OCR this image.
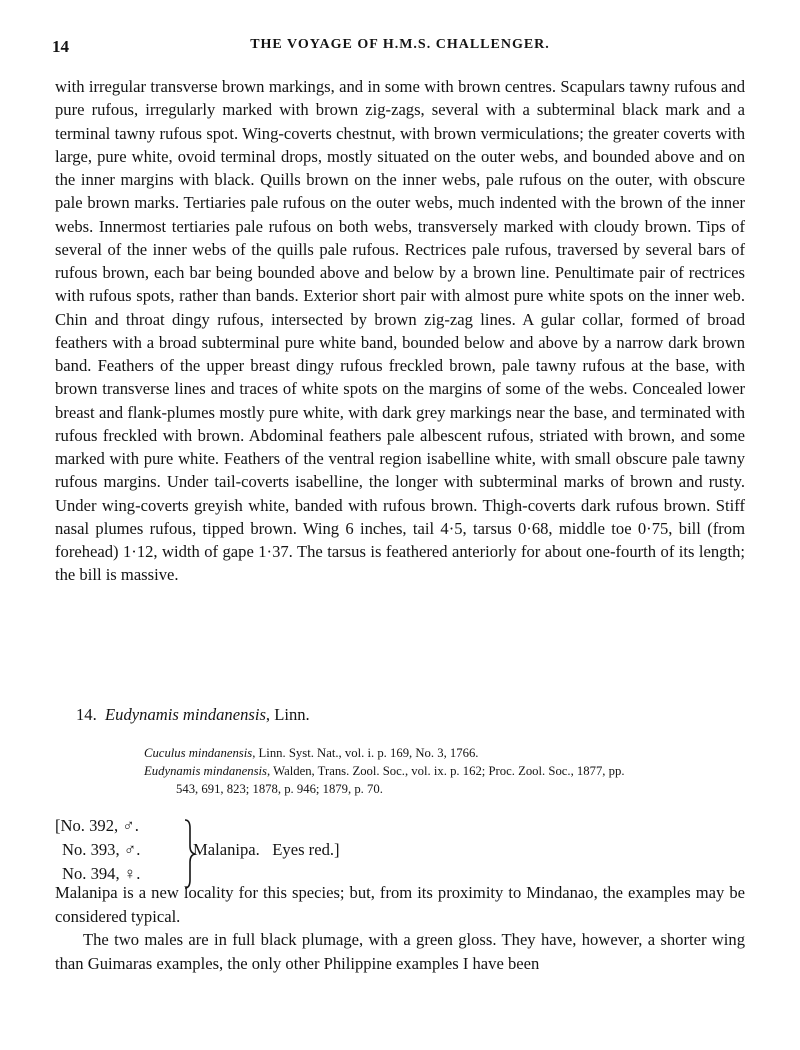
14	THE VOYAGE OF H.M.S. CHALLENGER.
with irregular transverse brown markings, and in some with brown centres. Scapulars tawny rufous and pure rufous, irregularly marked with brown zig-zags, several with a subterminal black mark and a terminal tawny rufous spot. Wing-coverts chestnut, with brown vermiculations; the greater coverts with large, pure white, ovoid terminal drops, mostly situated on the outer webs, and bounded above and on the inner margins with black. Quills brown on the inner webs, pale rufous on the outer, with obscure pale brown marks. Tertiaries pale rufous on the outer webs, much indented with the brown of the inner webs. Innermost tertiaries pale rufous on both webs, transversely marked with cloudy brown. Tips of several of the inner webs of the quills pale rufous. Rectrices pale rufous, traversed by several bars of rufous brown, each bar being bounded above and below by a brown line. Penultimate pair of rectrices with rufous spots, rather than bands. Exterior short pair with almost pure white spots on the inner web. Chin and throat dingy rufous, intersected by brown zig-zag lines. A gular collar, formed of broad feathers with a broad subterminal pure white band, bounded below and above by a narrow dark brown band. Feathers of the upper breast dingy rufous freckled brown, pale tawny rufous at the base, with brown transverse lines and traces of white spots on the margins of some of the webs. Concealed lower breast and flank-plumes mostly pure white, with dark grey markings near the base, and terminated with rufous freckled with brown. Abdominal feathers pale albescent rufous, striated with brown, and some marked with pure white. Feathers of the ventral region isabelline white, with small obscure pale tawny rufous margins. Under tail-coverts isabelline, the longer with subterminal marks of brown and rusty. Under wing-coverts greyish white, banded with rufous brown. Thigh-coverts dark rufous brown. Stiff nasal plumes rufous, tipped brown. Wing 6 inches, tail 4·5, tarsus 0·68, middle toe 0·75, bill (from forehead) 1·12, width of gape 1·37. The tarsus is feathered anteriorly for about one-fourth of its length; the bill is massive.
14. Eudynamis mindanensis, Linn.
Cuculus mindanensis, Linn. Syst. Nat., vol. i. p. 169, No. 3, 1766.
Eudynamis mindanensis, Walden, Trans. Zool. Soc., vol. ix. p. 162; Proc. Zool. Soc., 1877, pp.
543, 691, 823; 1878, p. 946; 1879, p. 70.
[No. 392, ♂.
No. 393, ♂.
No. 394, ♀.
Malanipa. Eyes red.]
Malanipa is a new locality for this species; but, from its proximity to Mindanao, the examples may be considered typical.
The two males are in full black plumage, with a green gloss. They have, however, a shorter wing than Guimaras examples, the only other Philippine examples I have been
